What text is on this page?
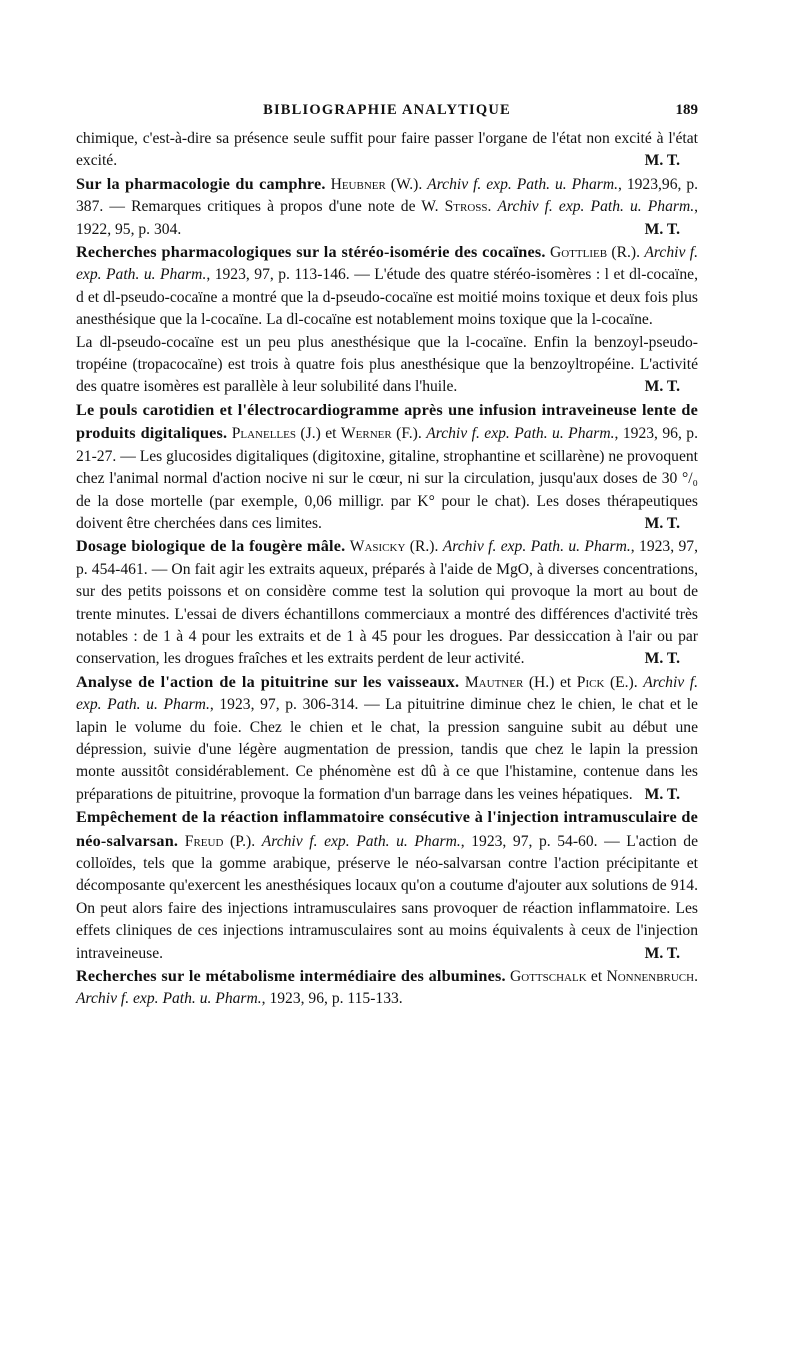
BIBLIOGRAPHIE ANALYTIQUE	189

chimique, c'est-à-dire sa présence seule suffit pour faire passer l'organe de l'état non excité à l'état excité.	M. T.

Sur la pharmacologie du camphre. Heubner (W.). Archiv f. exp. Path. u. Pharm., 1923,96, p. 387. — Remarques critiques à propos d'une note de W. Stross. Archiv f. exp. Path. u. Pharm., 1922, 95, p. 304.	M. T.

Recherches pharmacologiques sur la stéréo-isomérie des cocaïnes. Gottlieb (R.). Archiv f. exp. Path. u. Pharm., 1923, 97, p. 113-146. — L'étude des quatre stéréo-isomères : l et dl-cocaïne, d et dl-pseudo-cocaïne a montré que la d-pseudo-cocaïne est moitié moins toxique et deux fois plus anesthésique que la l-cocaïne. La dl-cocaïne est notablement moins toxique que la l-cocaïne.

La dl-pseudo-cocaïne est un peu plus anesthésique que la l-cocaïne. Enfin la benzoyl-pseudo-tropéine (tropacocaïne) est trois à quatre fois plus anesthésique que la benzoyltropéine. L'activité des quatre isomères est parallèle à leur solubilité dans l'huile.	M. T.

Le pouls carotidien et l'électrocardiogramme après une infusion intraveineuse lente de produits digitaliques. Planelles (J.) et Werner (F.). Archiv f. exp. Path. u. Pharm., 1923, 96, p. 21-27. — Les glucosides digitaliques (digitoxine, gitaline, strophantine et scillarène) ne provoquent chez l'animal normal d'action nocive ni sur le cœur, ni sur la circulation, jusqu'aux doses de 30 °/₀ de la dose mortelle (par exemple, 0,06 milligr. par K° pour le chat). Les doses thérapeutiques doivent être cherchées dans ces limites.	M. T.

Dosage biologique de la fougère mâle. Wasicky (R.). Archiv f. exp. Path. u. Pharm., 1923, 97, p. 454-461. — On fait agir les extraits aqueux, préparés à l'aide de MgO, à diverses concentrations, sur des petits poissons et on considère comme test la solution qui provoque la mort au bout de trente minutes. L'essai de divers échantillons commerciaux a montré des différences d'activité très notables : de 1 à 4 pour les extraits et de 1 à 45 pour les drogues. Par dessiccation à l'air ou par conservation, les drogues fraîches et les extraits perdent de leur activité.	M. T.

Analyse de l'action de la pituitrine sur les vaisseaux. Mautner (H.) et Pick (E.). Archiv f. exp. Path. u. Pharm., 1923, 97, p. 306-314. — La pituitrine diminue chez le chien, le chat et le lapin le volume du foie. Chez le chien et le chat, la pression sanguine subit au début une dépression, suivie d'une légère augmentation de pression, tandis que chez le lapin la pression monte aussitôt considérablement. Ce phénomène est dû à ce que l'histamine, contenue dans les préparations de pituitrine, provoque la formation d'un barrage dans les veines hépatiques. M. T.

Empêchement de la réaction inflammatoire consécutive à l'injection intramusculaire de néo-salvarsan. Freud (P.). Archiv f. exp. Path. u. Pharm., 1923, 97, p. 54-60. — L'action de colloïdes, tels que la gomme arabique, préserve le néo-salvarsan contre l'action précipitante et décomposante qu'exercent les anesthésiques locaux qu'on a coutume d'ajouter aux solutions de 914. On peut alors faire des injections intramusculaires sans provoquer de réaction inflammatoire. Les effets cliniques de ces injections intramusculaires sont au moins équivalents à ceux de l'injection intraveineuse.	M. T.

Recherches sur le métabolisme intermédiaire des albumines. Gottschalk et Nonnenbruch. Archiv f. exp. Path. u. Pharm., 1923, 96, p. 115-133.
